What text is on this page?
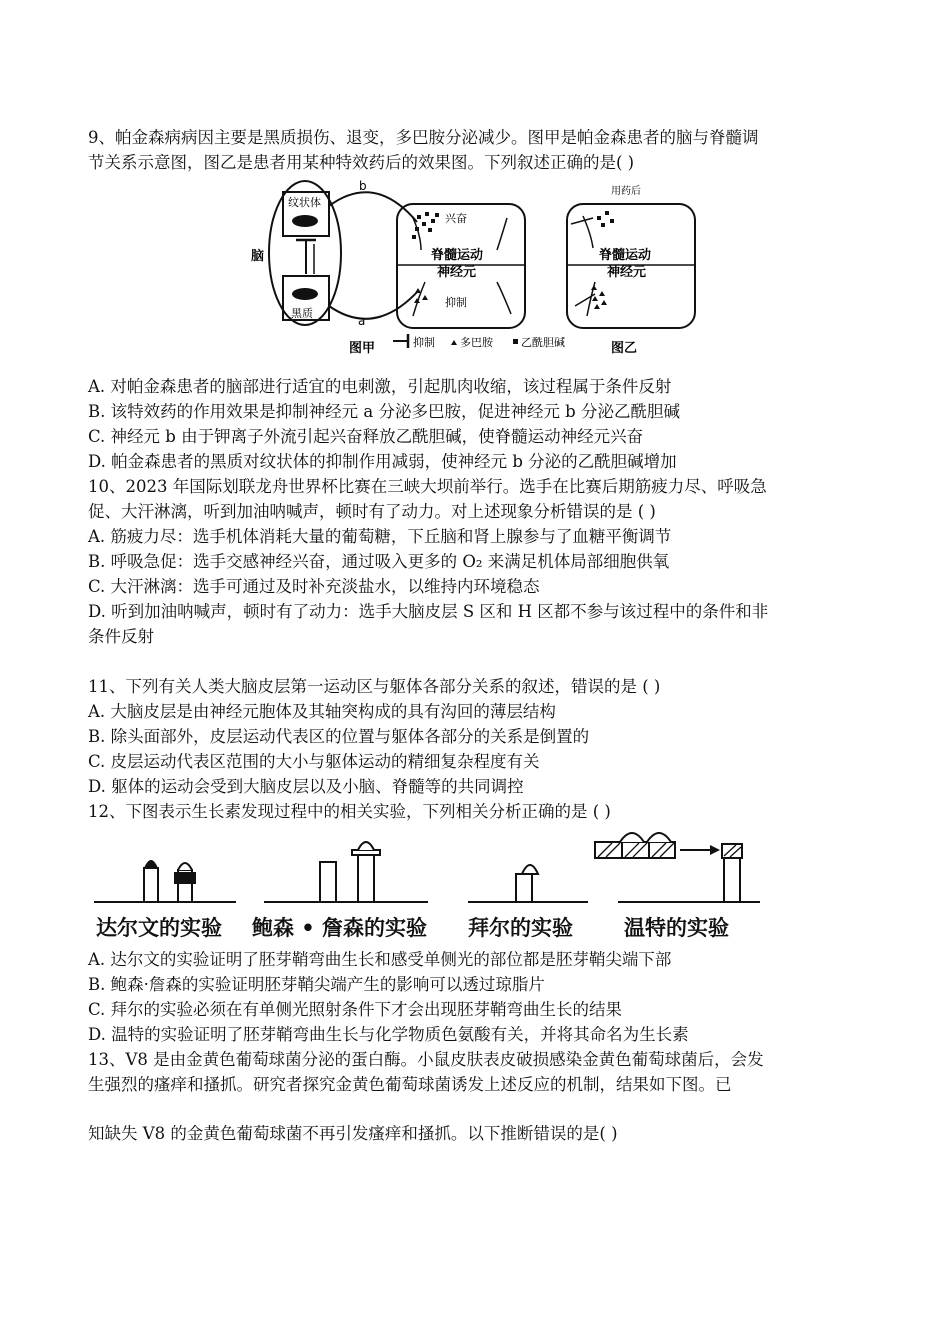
9、帕金森病病因主要是黑质损伤、退变，多巴胺分泌减少。图甲是帕金森患者的脑与脊髓调
节关系示意图，图乙是患者用某种特效药后的效果图。下列叙述正确的是( )
脑
纹状体
黑质
b
a
兴奋
脊髓运动
神经元
抑制
抑制 多巴胺	乙酰胆碱
图甲
用药后
脊髓运动
神经元
图乙
A. 对帕金森患者的脑部进行适宜的电刺激，引起肌肉收缩，该过程属于条件反射
B. 该特效药的作用效果是抑制神经元 a 分泌多巴胺，促进神经元 b 分泌乙酰胆碱
C. 神经元 b 由于钾离子外流引起兴奋释放乙酰胆碱，使脊髓运动神经元兴奋
D. 帕金森患者的黑质对纹状体的抑制作用减弱，使神经元 b 分泌的乙酰胆碱增加
10、2023 年国际划联龙舟世界杯比赛在三峡大坝前举行。选手在比赛后期筋疲力尽、呼吸急
促、大汗淋漓，听到加油呐喊声，顿时有了动力。对上述现象分析错误的是 ( )
A. 筋疲力尽：选手机体消耗大量的葡萄糖，下丘脑和肾上腺参与了血糖平衡调节
B. 呼吸急促：选手交感神经兴奋，通过吸入更多的 O₂ 来满足机体局部细胞供氧
C. 大汗淋漓：选手可通过及时补充淡盐水，以维持内环境稳态
D. 听到加油呐喊声，顿时有了动力：选手大脑皮层 S 区和 H 区都不参与该过程中的条件和非
条件反射
11、下列有关人类大脑皮层第一运动区与躯体各部分关系的叙述，错误的是 ( )
A. 大脑皮层是由神经元胞体及其轴突构成的具有沟回的薄层结构
B. 除头面部外，皮层运动代表区的位置与躯体各部分的关系是倒置的
C. 皮层运动代表区范围的大小与躯体运动的精细复杂程度有关
D. 躯体的运动会受到大脑皮层以及小脑、脊髓等的共同调控
12、下图表示生长素发现过程中的相关实验，下列相关分析正确的是 ( )
达尔文的实验 鲍森 • 詹森的实验 拜尔的实验 温特的实验
A. 达尔文的实验证明了胚芽鞘弯曲生长和感受单侧光的部位都是胚芽鞘尖端下部
B. 鲍森·詹森的实验证明胚芽鞘尖端产生的影响可以透过琼脂片
C. 拜尔的实验必须在有单侧光照射条件下才会出现胚芽鞘弯曲生长的结果
D. 温特的实验证明了胚芽鞘弯曲生长与化学物质色氨酸有关，并将其命名为生长素
13、V8 是由金黄色葡萄球菌分泌的蛋白酶。小鼠皮肤表皮破损感染金黄色葡萄球菌后，会发
生强烈的瘙痒和搔抓。研究者探究金黄色葡萄球菌诱发上述反应的机制，结果如下图。已
知缺失 V8 的金黄色葡萄球菌不再引发瘙痒和搔抓。以下推断错误的是( )
